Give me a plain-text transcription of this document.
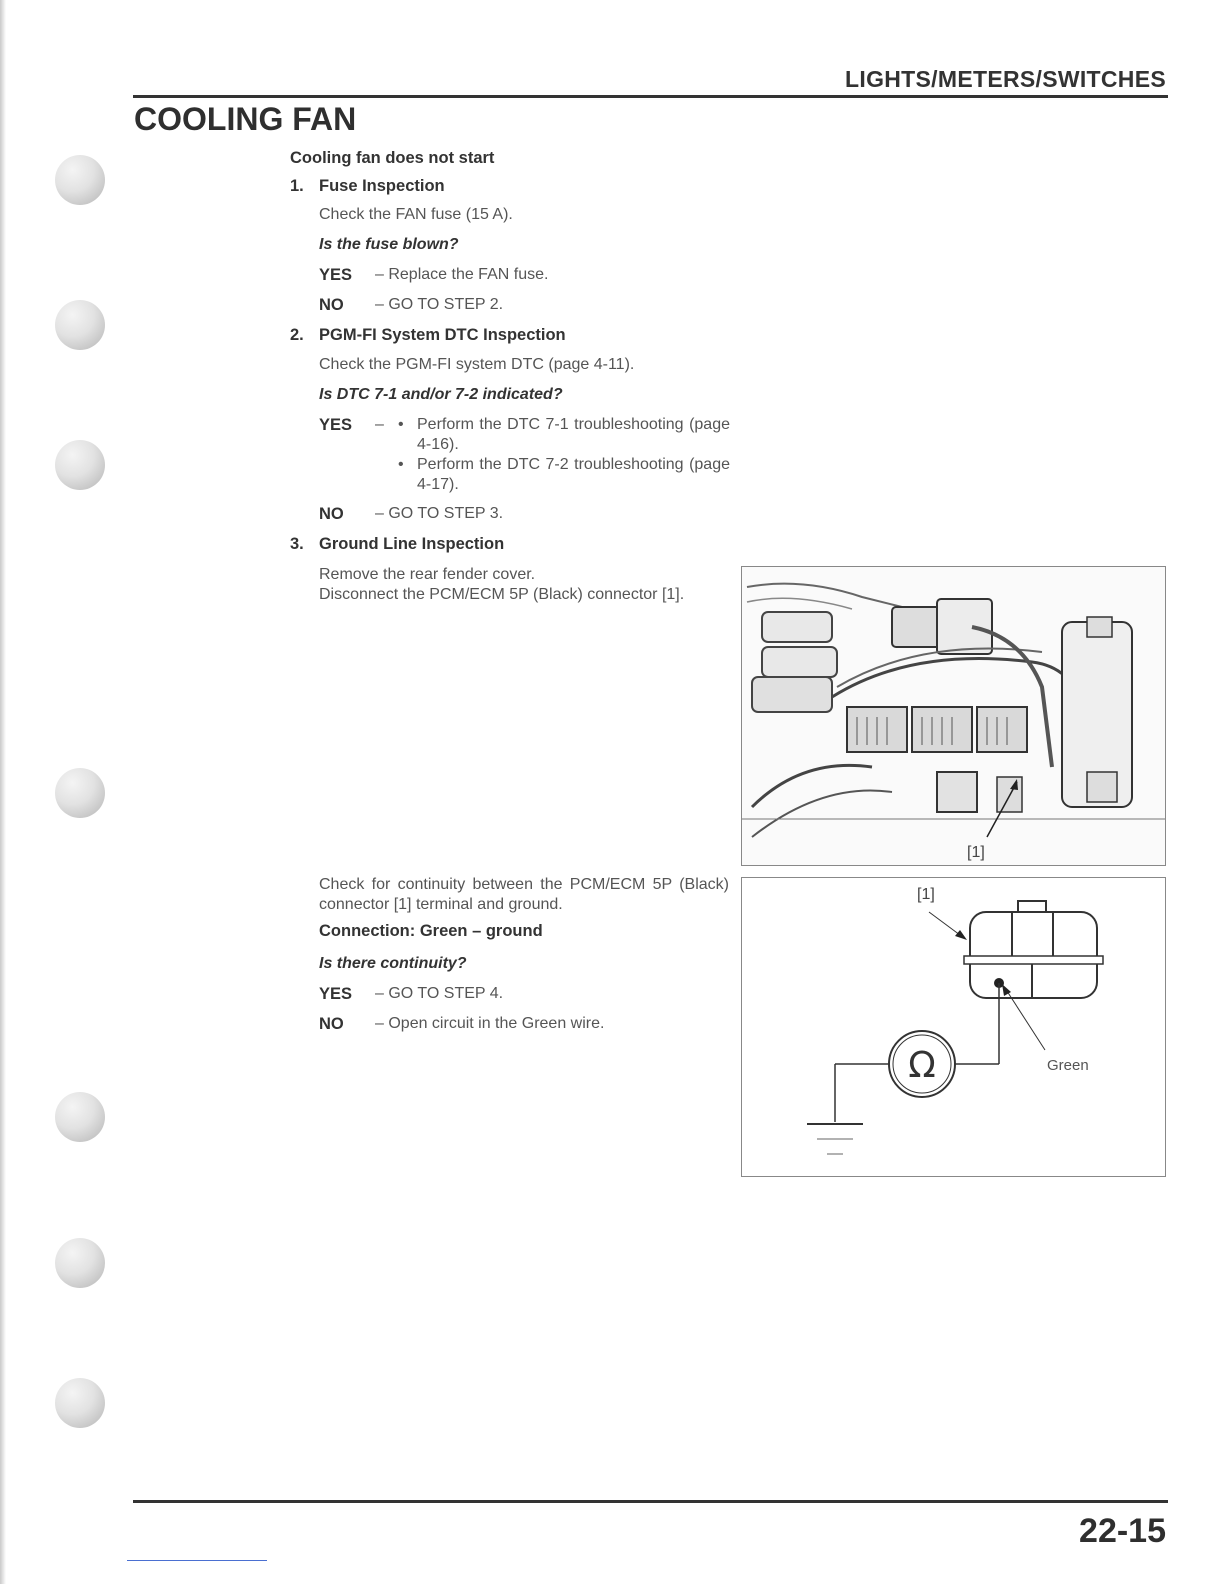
LIGHTS/METERS/SWITCHES
COOLING FAN
Cooling fan does not start
1. Fuse Inspection
Check the FAN fuse (15 A).
Is the fuse blown?
YES – Replace the FAN fuse.
NO – GO TO STEP 2.
2. PGM-FI System DTC Inspection
Check the PGM-FI system DTC (page 4-11).
Is DTC 7-1 and/or 7-2 indicated?
YES – • Perform the DTC 7-1 troubleshooting (page 4-16).
• Perform the DTC 7-2 troubleshooting (page 4-17).
NO – GO TO STEP 3.
3. Ground Line Inspection
Remove the rear fender cover.
Disconnect the PCM/ECM 5P (Black) connector [1].
Check for continuity between the PCM/ECM 5P (Black) connector [1] terminal and ground.
Connection: Green – ground
Is there continuity?
YES – GO TO STEP 4.
NO – Open circuit in the Green wire.
[1]
Ω
[1]
Green
22-15
